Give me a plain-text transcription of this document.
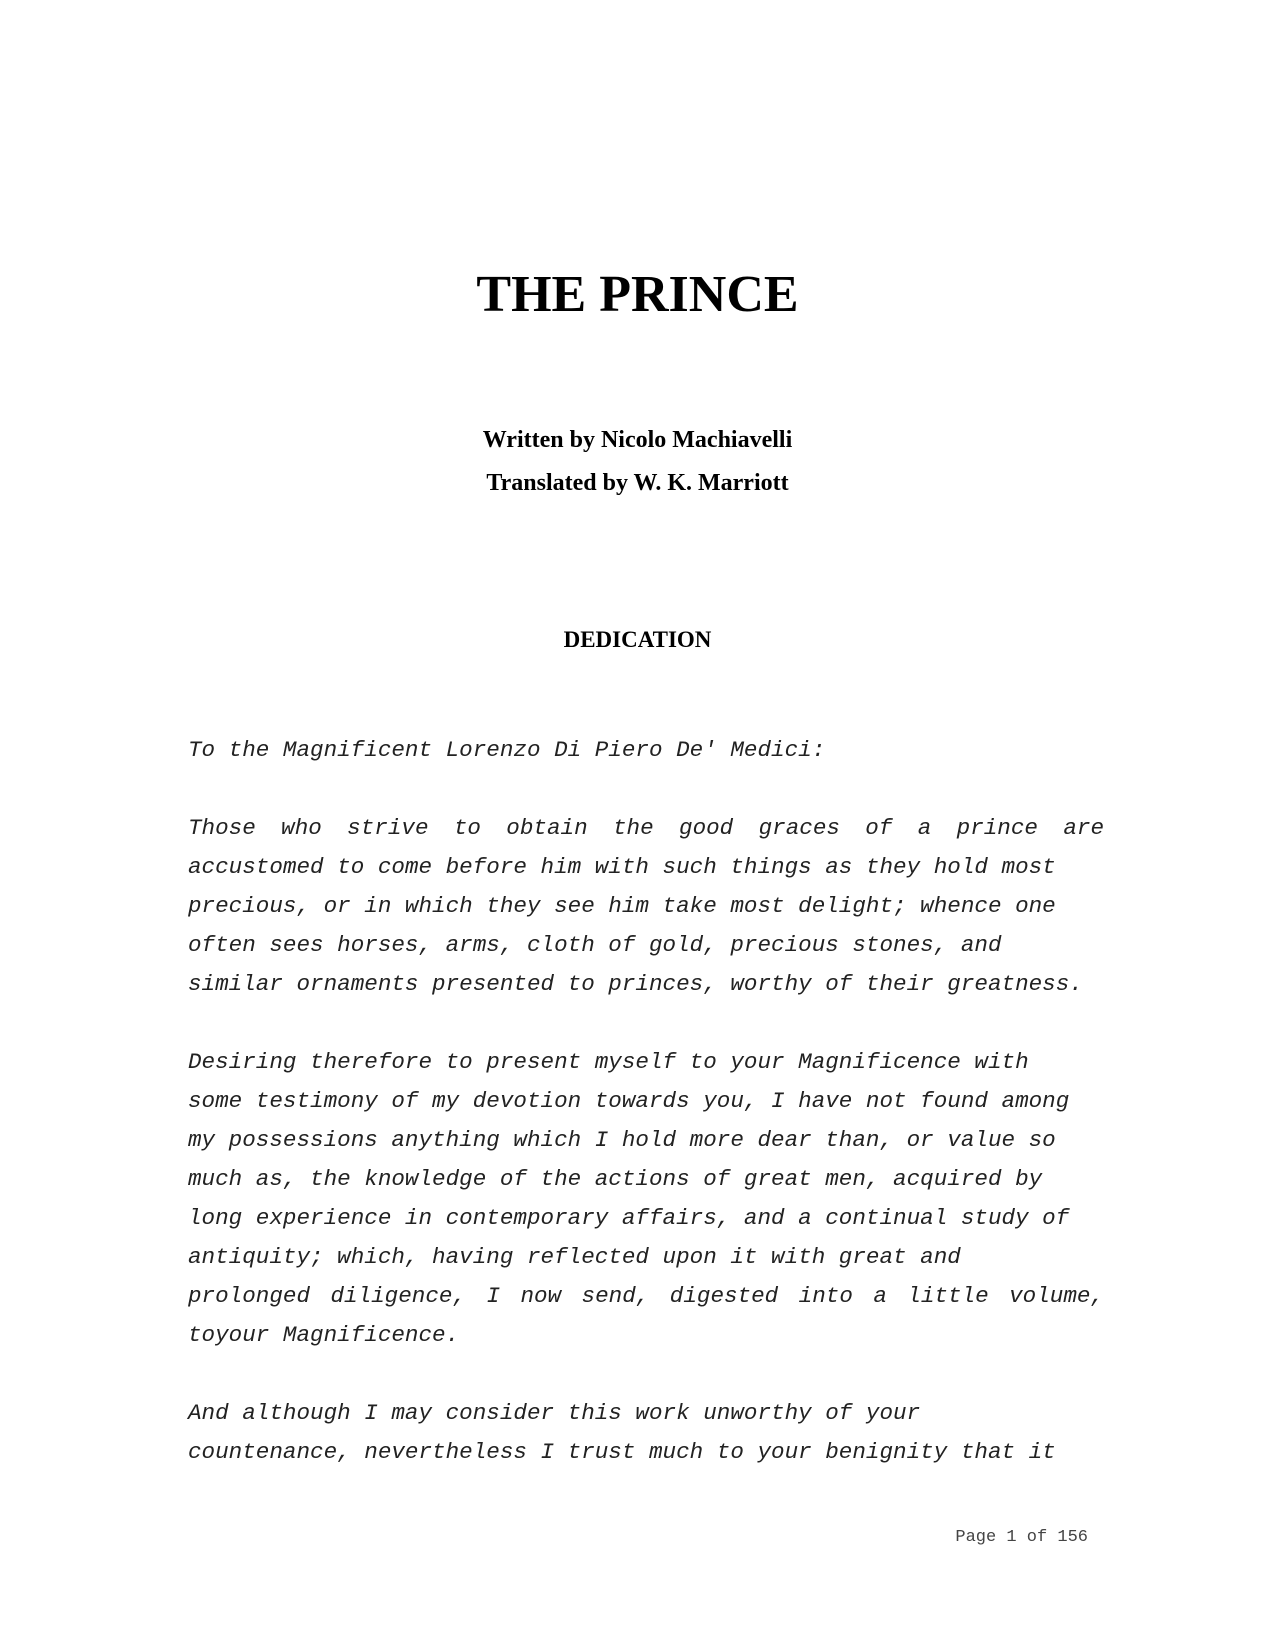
THE PRINCE
Written by Nicolo Machiavelli
Translated by W. K. Marriott
DEDICATION
To the Magnificent Lorenzo Di Piero De' Medici:
Those who strive to obtain the good graces of a prince are
accustomed to come before him with such things as they hold most
precious, or in which they see him take most delight; whence one
often sees horses, arms, cloth of gold, precious stones, and
similar ornaments presented to princes, worthy of their greatness.
Desiring therefore to present myself to your Magnificence with
some testimony of my devotion towards you, I have not found among
my possessions anything which I hold more dear than, or value so
much as, the knowledge of the actions of great men, acquired by
long experience in contemporary affairs, and a continual study of
antiquity; which, having reflected upon it with great and
prolonged diligence, I now send, digested into a little volume,
toyour Magnificence.
And although I may consider this work unworthy of your
countenance, nevertheless I trust much to your benignity that it
Page 1 of 156
